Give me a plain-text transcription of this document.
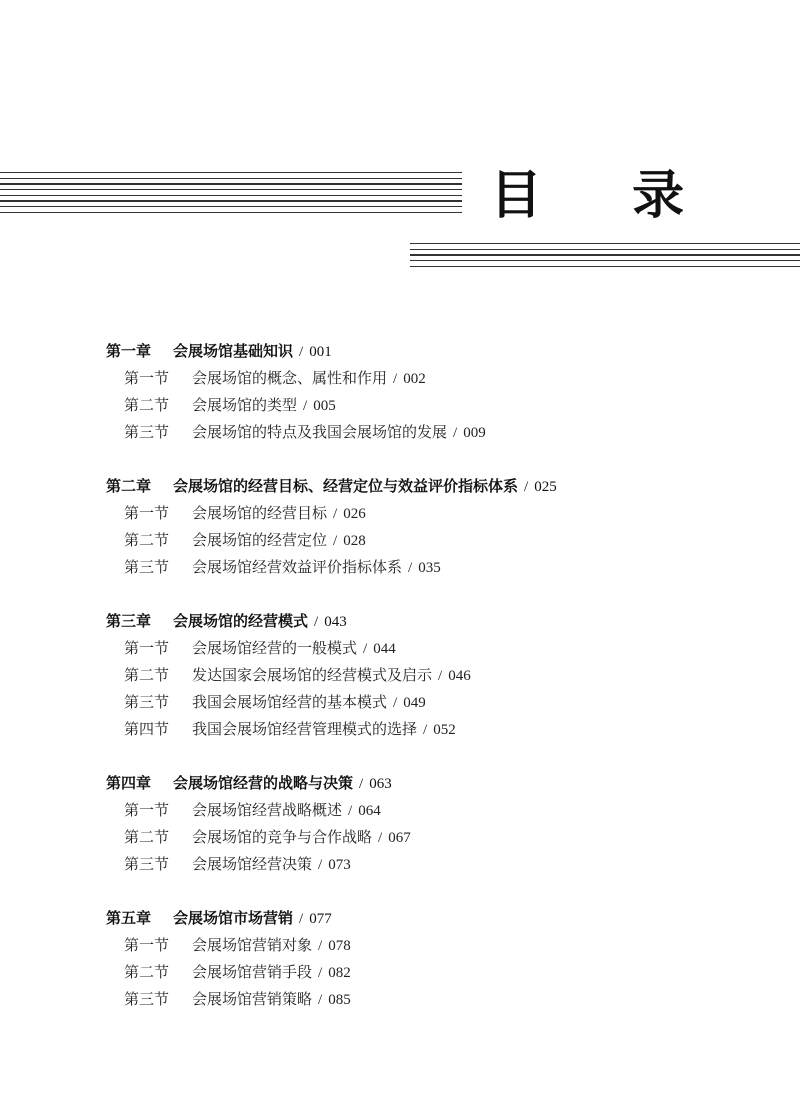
目 录
第一章 会展场馆基础知识 / 001
第一节 会展场馆的概念、属性和作用 / 002
第二节 会展场馆的类型 / 005
第三节 会展场馆的特点及我国会展场馆的发展 / 009
第二章 会展场馆的经营目标、经营定位与效益评价指标体系 / 025
第一节 会展场馆的经营目标 / 026
第二节 会展场馆的经营定位 / 028
第三节 会展场馆经营效益评价指标体系 / 035
第三章 会展场馆的经营模式 / 043
第一节 会展场馆经营的一般模式 / 044
第二节 发达国家会展场馆的经营模式及启示 / 046
第三节 我国会展场馆经营的基本模式 / 049
第四节 我国会展场馆经营管理模式的选择 / 052
第四章 会展场馆经营的战略与决策 / 063
第一节 会展场馆经营战略概述 / 064
第二节 会展场馆的竞争与合作战略 / 067
第三节 会展场馆经营决策 / 073
第五章 会展场馆市场营销 / 077
第一节 会展场馆营销对象 / 078
第二节 会展场馆营销手段 / 082
第三节 会展场馆营销策略 / 085
